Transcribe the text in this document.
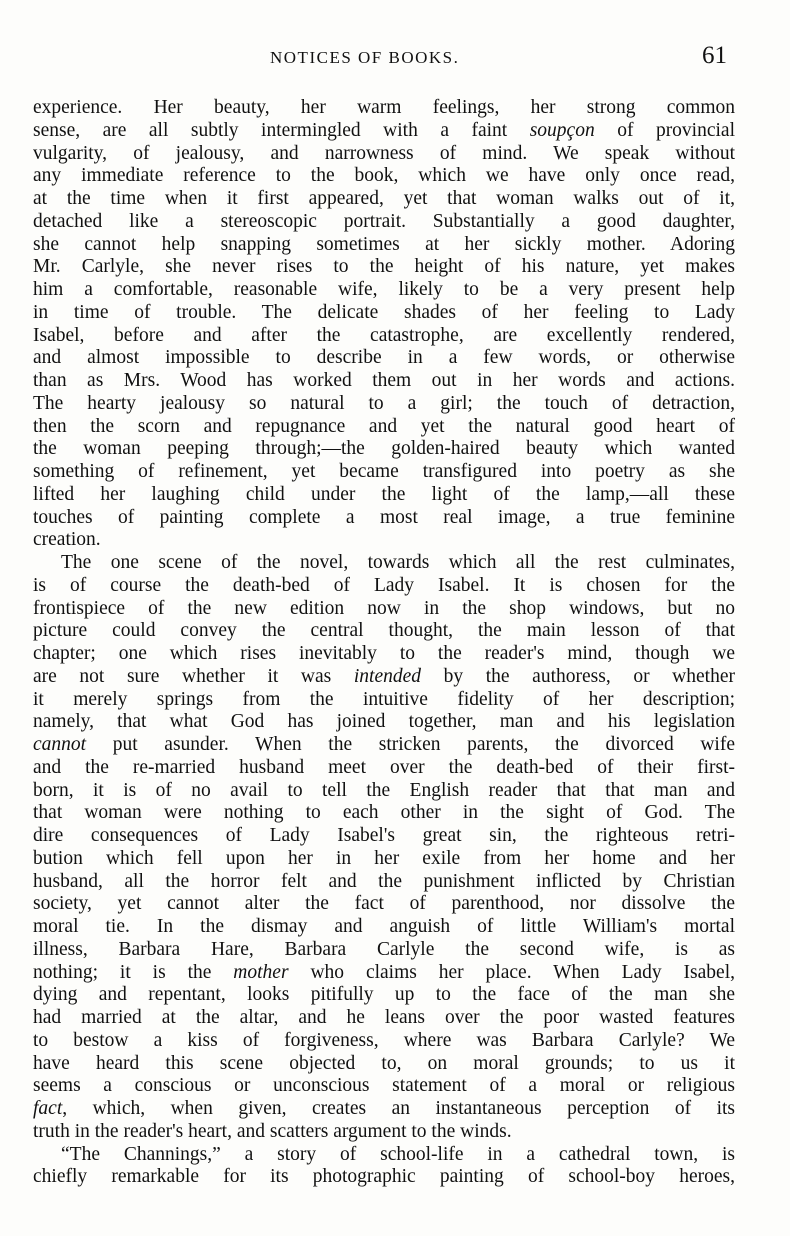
NOTICES OF BOOKS.	61
experience. Her beauty, her warm feelings, her strong common
sense, are all subtly intermingled with a faint soupçon of provincial
vulgarity, of jealousy, and narrowness of mind. We speak without
any immediate reference to the book, which we have only once read,
at the time when it first appeared, yet that woman walks out of it,
detached like a stereoscopic portrait. Substantially a good daughter,
she cannot help snapping sometimes at her sickly mother. Adoring
Mr. Carlyle, she never rises to the height of his nature, yet makes
him a comfortable, reasonable wife, likely to be a very present help
in time of trouble. The delicate shades of her feeling to Lady
Isabel, before and after the catastrophe, are excellently rendered,
and almost impossible to describe in a few words, or otherwise
than as Mrs. Wood has worked them out in her words and actions.
The hearty jealousy so natural to a girl; the touch of detraction,
then the scorn and repugnance and yet the natural good heart of
the woman peeping through;—the golden-haired beauty which wanted
something of refinement, yet became transfigured into poetry as she
lifted her laughing child under the light of the lamp,—all these
touches of painting complete a most real image, a true feminine
creation.
The one scene of the novel, towards which all the rest culminates,
is of course the death-bed of Lady Isabel. It is chosen for the
frontispiece of the new edition now in the shop windows, but no
picture could convey the central thought, the main lesson of that
chapter; one which rises inevitably to the reader's mind, though we
are not sure whether it was intended by the authoress, or whether
it merely springs from the intuitive fidelity of her description;
namely, that what God has joined together, man and his legislation
cannot put asunder. When the stricken parents, the divorced wife
and the re-married husband meet over the death-bed of their first-
born, it is of no avail to tell the English reader that that man and
that woman were nothing to each other in the sight of God. The
dire consequences of Lady Isabel's great sin, the righteous retri-
bution which fell upon her in her exile from her home and her
husband, all the horror felt and the punishment inflicted by Christian
society, yet cannot alter the fact of parenthood, nor dissolve the
moral tie. In the dismay and anguish of little William's mortal
illness, Barbara Hare, Barbara Carlyle the second wife, is as
nothing; it is the mother who claims her place. When Lady Isabel,
dying and repentant, looks pitifully up to the face of the man she
had married at the altar, and he leans over the poor wasted features
to bestow a kiss of forgiveness, where was Barbara Carlyle? We
have heard this scene objected to, on moral grounds; to us it
seems a conscious or unconscious statement of a moral or religious
fact, which, when given, creates an instantaneous perception of its
truth in the reader's heart, and scatters argument to the winds.
“The Channings,” a story of school-life in a cathedral town, is
chiefly remarkable for its photographic painting of school-boy heroes,
